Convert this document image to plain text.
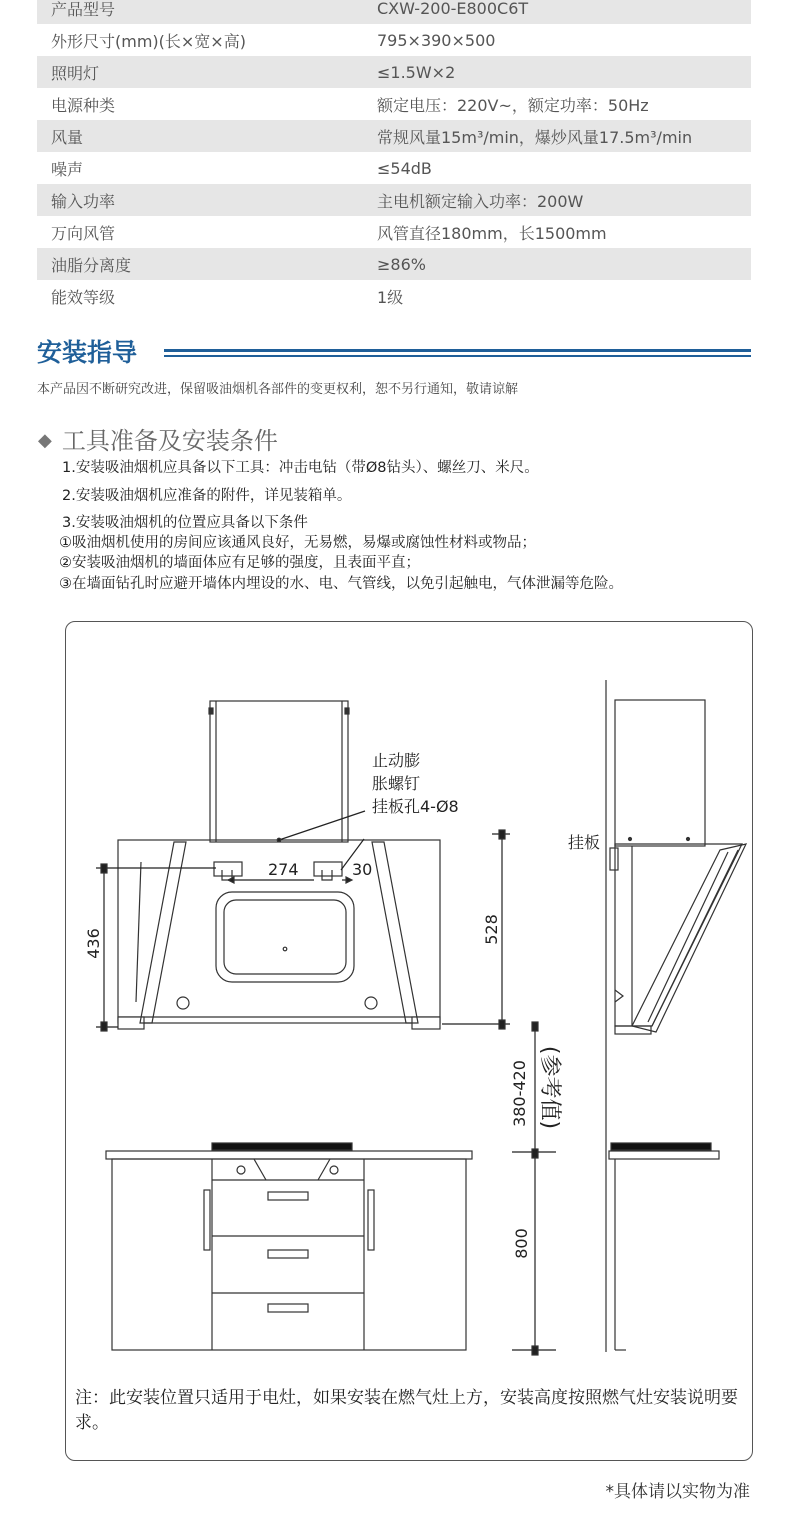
产品型号	CXW-200-E800C6T
外形尺寸(mm)(长×宽×高)	795×390×500
照明灯	≤1.5W×2
电源种类	额定电压：220V~，额定功率：50Hz
风量	常规风量15m³/min，爆炒风量17.5m³/min
噪声	≤54dB
输入功率	主电机额定输入功率：200W
万向风管	风管直径180mm，长1500mm
油脂分离度	≥86%
能效等级	1级
安装指导
本产品因不断研究改进，保留吸油烟机各部件的变更权利，恕不另行通知，敬请谅解
◆ 工具准备及安装条件
1.安装吸油烟机应具备以下工具：冲击电钻（带Ø8钻头）、螺丝刀、米尺。
2.安装吸油烟机应准备的附件，详见装箱单。
3.安装吸油烟机的位置应具备以下条件
①吸油烟机使用的房间应该通风良好，无易燃，易爆或腐蚀性材料或物品；
②安装吸油烟机的墙面体应有足够的强度，且表面平直；
③在墙面钻孔时应避开墙体内埋设的水、电、气管线，以免引起触电，气体泄漏等危险。
止动膨
胀螺钉
挂板孔4-Ø8
274	30
436	528
380-420 (参考值)
800
挂板
注：此安装位置只适用于电灶，如果安装在燃气灶上方，安装高度按照燃气灶安装说明要求。
*具体请以实物为准
